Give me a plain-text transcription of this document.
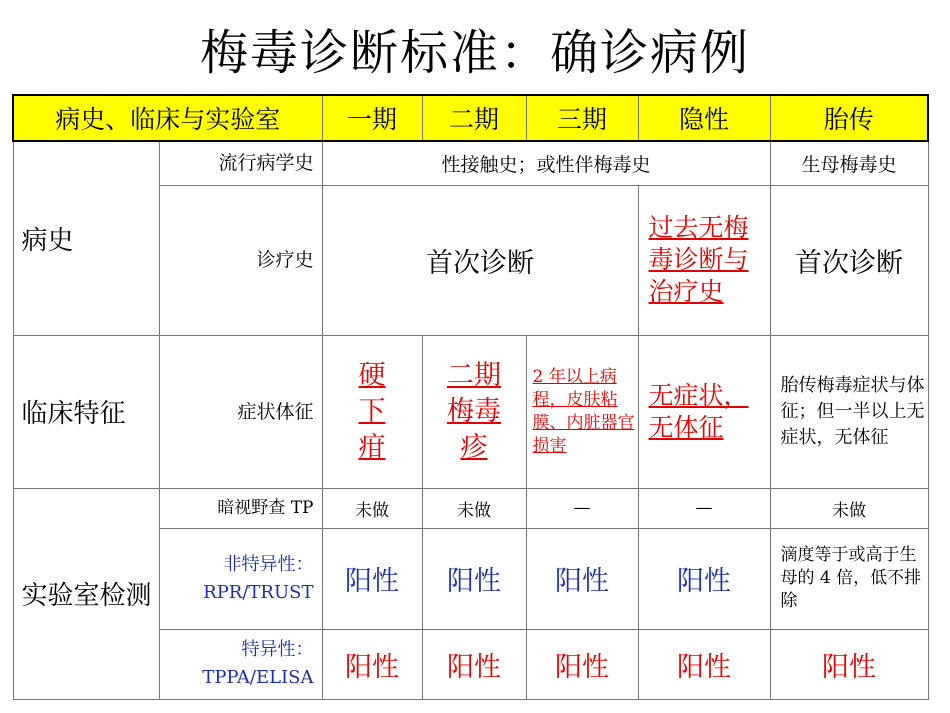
梅毒诊断标准：确诊病例
病史、临床与实验室		一期	二期	三期	隐性	胎传
病史	流行病学史	性接触史；或性伴梅毒史				生母梅毒史
	诊疗史	首次诊断			过去无梅毒诊断与治疗史	首次诊断
临床特征	症状体征	硬下疳	二期梅毒疹	2 年以上病程，皮肤粘膜、内脏器官损害	无症状，无体征	胎传梅毒症状与体征；但一半以上无症状，无体征
实验室检测	暗视野查 TP	未做	未做	—	—	未做
	非特异性： RPR/TRUST	阳性	阳性	阳性	阳性	滴度等于或高于生母的 4 倍，低不排除
	特异性： TPPA/ELISA	阳性	阳性	阳性	阳性	阳性
